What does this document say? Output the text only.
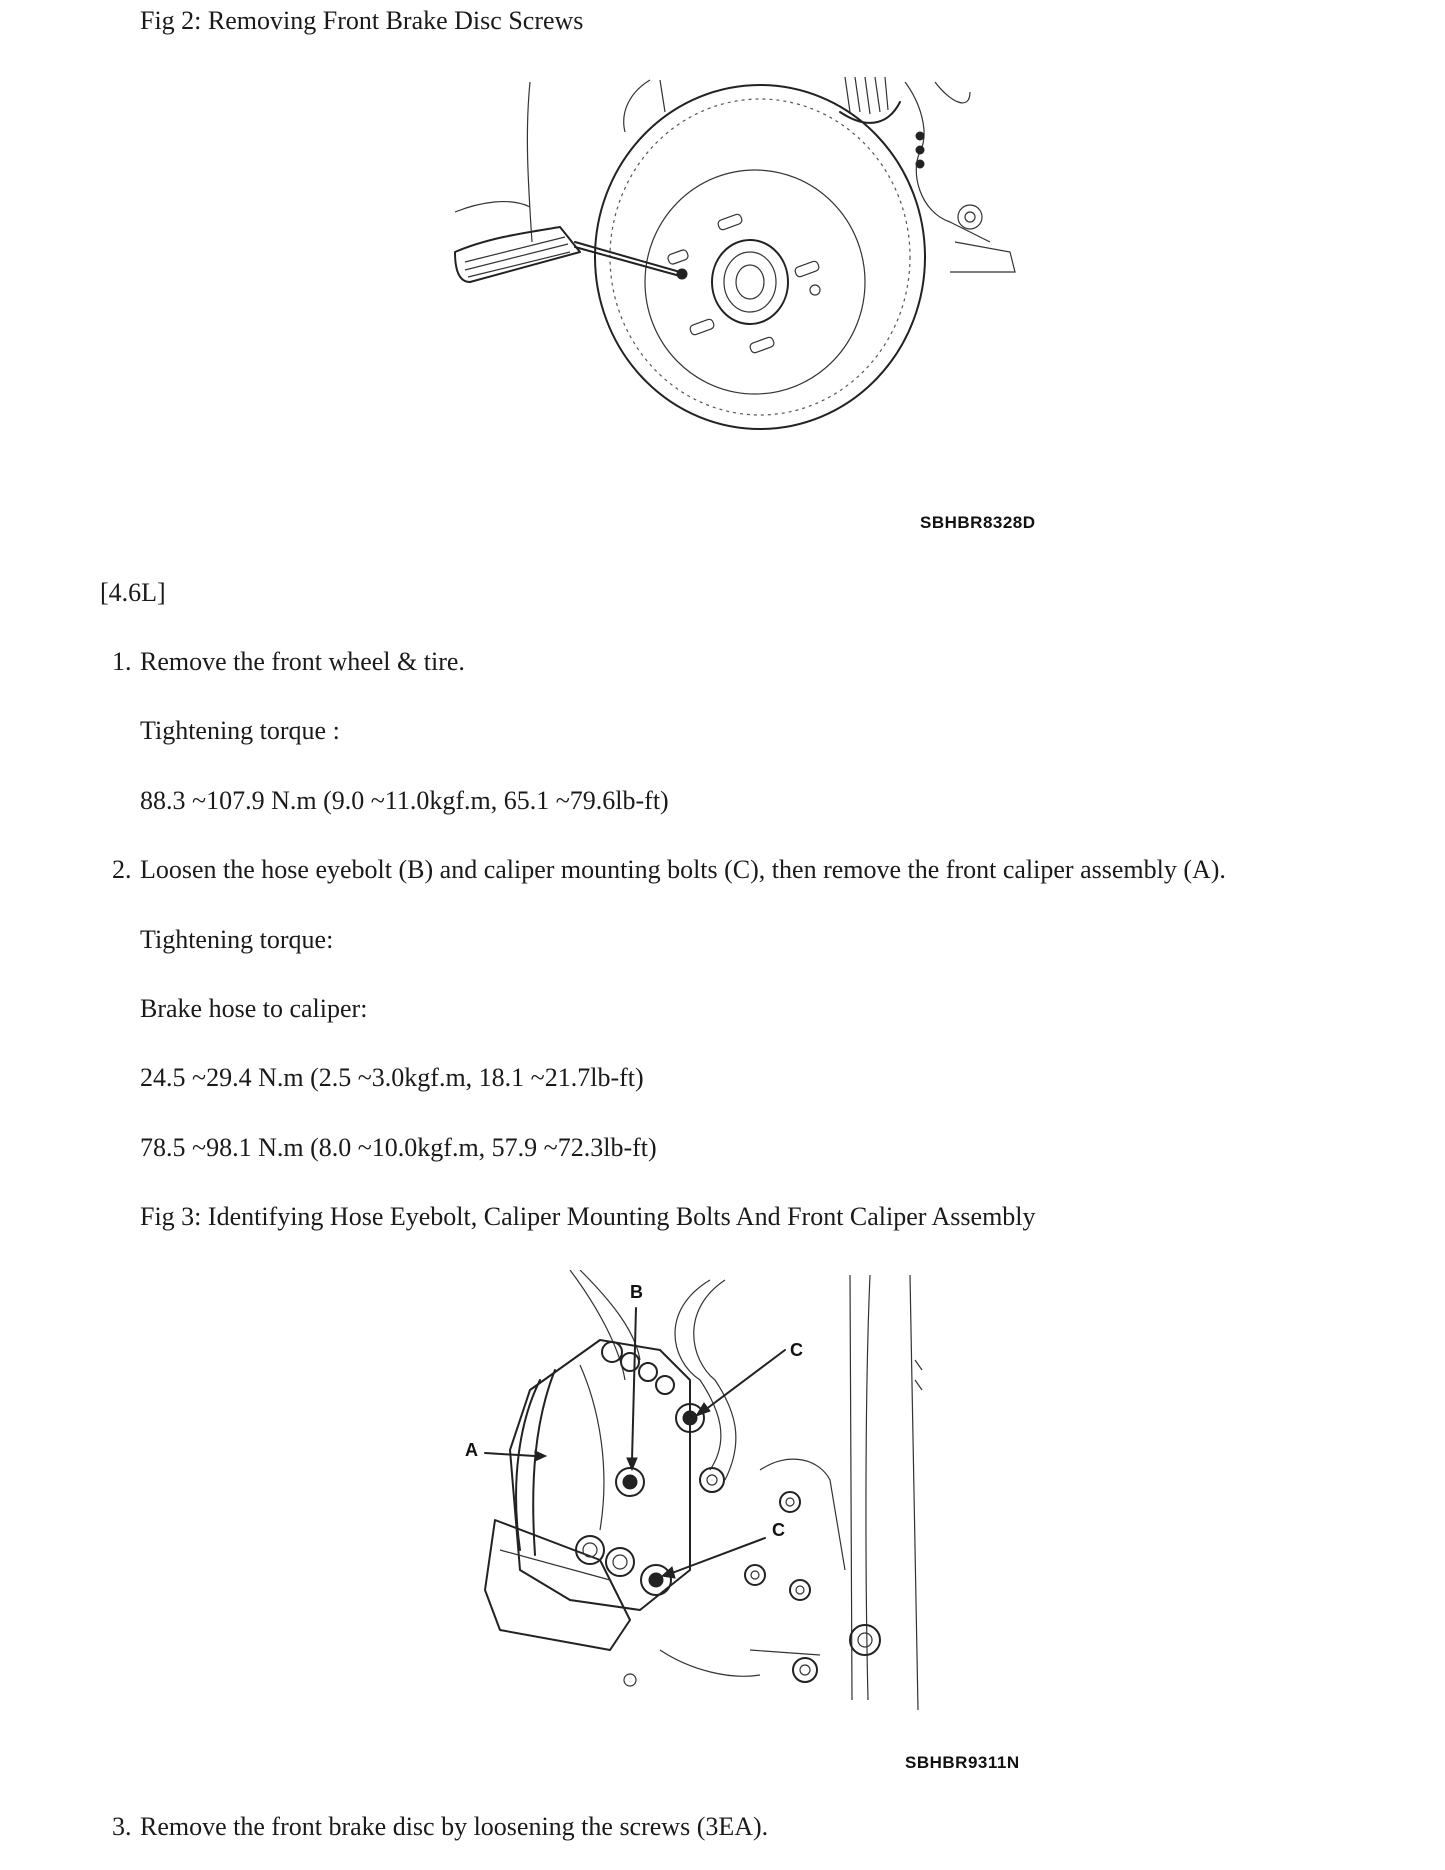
Fig 2: Removing Front Brake Disc Screws
SBHBR8328D
[4.6L]
1. Remove the front wheel & tire.
Tightening torque :
88.3 ~107.9 N.m (9.0 ~11.0kgf.m, 65.1 ~79.6lb-ft)
2. Loosen the hose eyebolt (B) and caliper mounting bolts (C), then remove the front caliper assembly (A).
Tightening torque:
Brake hose to caliper:
24.5 ~29.4 N.m (2.5 ~3.0kgf.m, 18.1 ~21.7lb-ft)
78.5 ~98.1 N.m (8.0 ~10.0kgf.m, 57.9 ~72.3lb-ft)
Fig 3: Identifying Hose Eyebolt, Caliper Mounting Bolts And Front Caliper Assembly
B
A
C
C
SBHBR9311N
3. Remove the front brake disc by loosening the screws (3EA).
